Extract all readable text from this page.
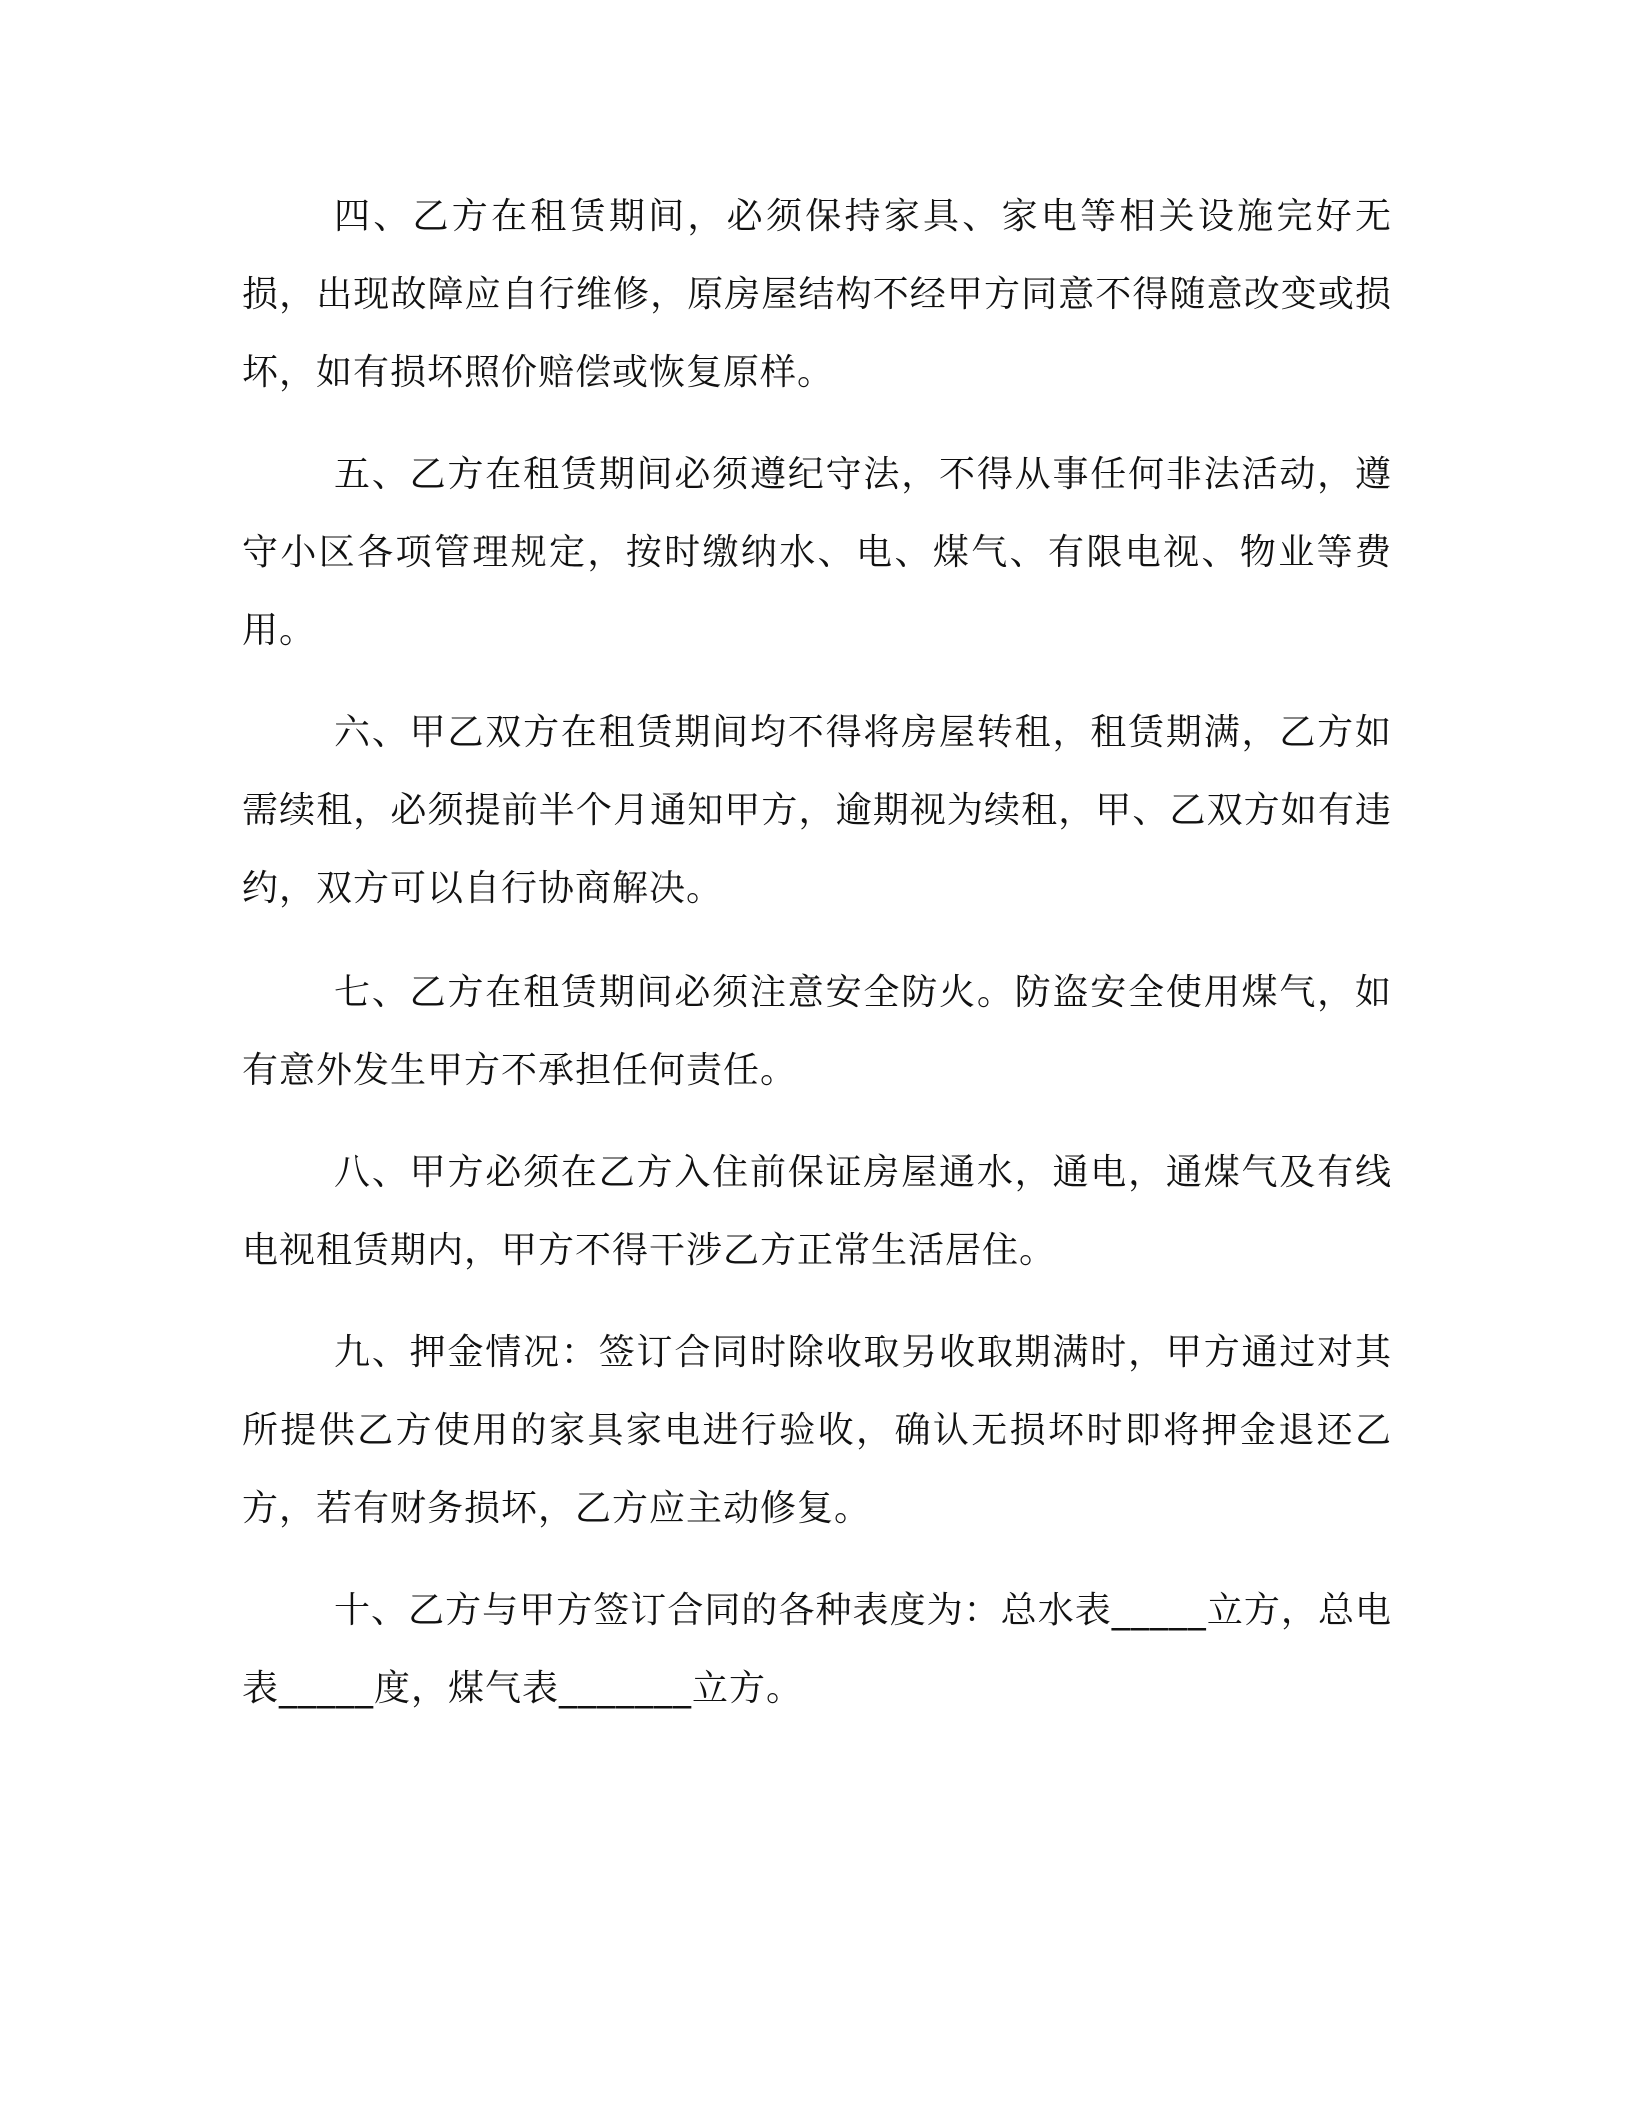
四、乙方在租赁期间，必须保持家具、家电等相关设施完好无损，出现故障应自行维修，原房屋结构不经甲方同意不得随意改变或损坏，如有损坏照价赔偿或恢复原样。

五、乙方在租赁期间必须遵纪守法，不得从事任何非法活动，遵守小区各项管理规定，按时缴纳水、电、煤气、有限电视、物业等费用。

六、甲乙双方在租赁期间均不得将房屋转租，租赁期满，乙方如需续租，必须提前半个月通知甲方，逾期视为续租，甲、乙双方如有违约，双方可以自行协商解决。

七、乙方在租赁期间必须注意安全防火。防盗安全使用煤气，如有意外发生甲方不承担任何责任。

八、甲方必须在乙方入住前保证房屋通水，通电，通煤气及有线电视租赁期内，甲方不得干涉乙方正常生活居住。

九、押金情况：签订合同时除收取另收取期满时，甲方通过对其所提供乙方使用的家具家电进行验收，确认无损坏时即将押金退还乙方，若有财务损坏，乙方应主动修复。

十、乙方与甲方签订合同的各种表度为：总水表_____立方，总电表_____度，煤气表_______立方。
